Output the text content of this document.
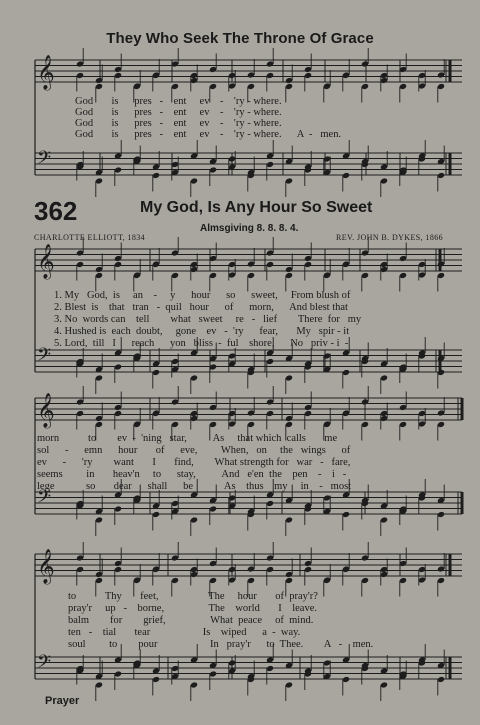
𝄞
𝄢
𝄞
𝄢
𝄞
𝄢
𝄞
𝄢
They Who Seek The Throne Of Grace
362	My God, Is Any Hour So Sweet
Almsgiving 8. 8. 8. 4.
CHARLOTTE ELLIOTT, 1834	REV. JOHN B. DYKES, 1866
God       is      pres   -    ent     ev    -    'ry - where.
God       is      pres   -    ent     ev    -    'ry - where.
God       is      pres   -    ent     ev    -    'ry - where.
God       is      pres   -    ent     ev    -    'ry - where.      A  -   men.
1. My   God,  is     an    -     y      hour      so      sweet,     From blush of
2. Blest  is    that   tran   -  quil   hour      of      morn,      And blest that
3. No  words can    tell        what   sweet     re   -   lief        There  for   my
4. Hushed is  each  doubt,     gone    ev   -  'ry      fear,       My   spir - it
5. Lord,  till   I      reach      yon   bliss  -  ful    shore,      No   priv - i  -
morn           to        ev  -  'ning   star,          As     that which  calls       me
sol      -      emn      hour       of      eve,         When,   on     the   wings      of
ev      -      'ry        want       I       find,        What strength for   war   -   fare,
seems         in       heav'n     to      stay,          And   e'en  the    pen    -    i   -
lege            so       dear      shall      be            As    thus    my     in    -   most
to           Thy       feet,                   The     hour       of  pray'r?
pray'r     up   -    borne,                 The    world       I    leave.
balm        for        grief,                 What  peace     of  mind.
ten   -    tial       tear                    Is    wiped      a  -  way.
soul         to        pour                    In   pray'r      to  Thee.        A   -    men.
Prayer
